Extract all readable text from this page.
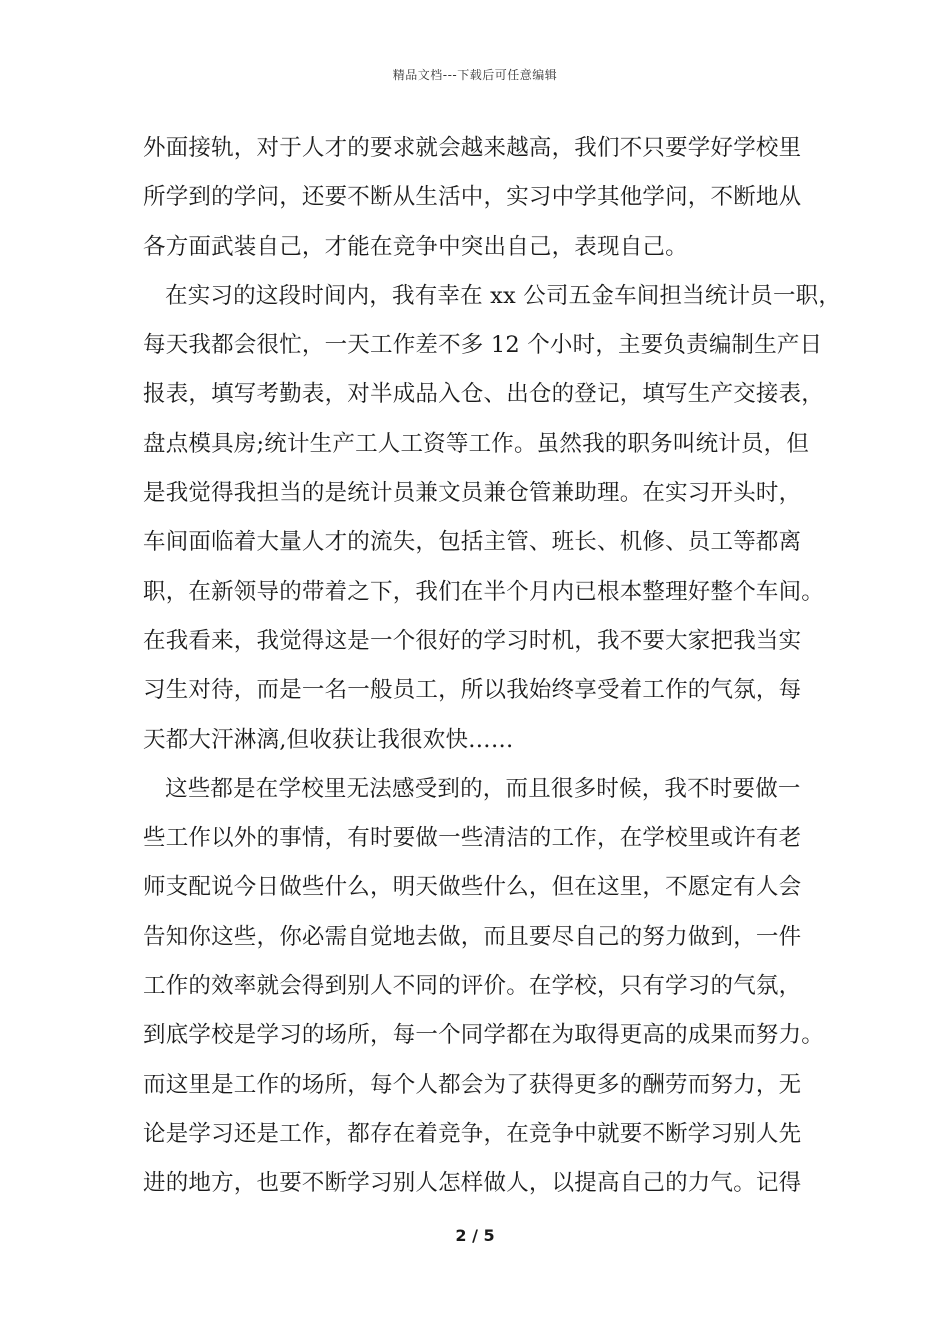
精品文档---下载后可任意编辑
外面接轨，对于人才的要求就会越来越高，我们不只要学好学校里
所学到的学问，还要不断从生活中，实习中学其他学问，不断地从
各方面武装自己，才能在竞争中突出自己，表现自己。
在实习的这段时间内，我有幸在 xx 公司五金车间担当统计员一职，
每天我都会很忙，一天工作差不多 12 个小时，主要负责编制生产日
报表，填写考勤表，对半成品入仓、出仓的登记，填写生产交接表，
盘点模具房;统计生产工人工资等工作。虽然我的职务叫统计员，但
是我觉得我担当的是统计员兼文员兼仓管兼助理。在实习开头时，
车间面临着大量人才的流失，包括主管、班长、机修、员工等都离
职，在新领导的带着之下，我们在半个月内已根本整理好整个车间。
在我看来，我觉得这是一个很好的学习时机，我不要大家把我当实
习生对待，而是一名一般员工，所以我始终享受着工作的气氛，每
天都大汗淋漓,但收获让我很欢快……
这些都是在学校里无法感受到的，而且很多时候，我不时要做一
些工作以外的事情，有时要做一些清洁的工作，在学校里或许有老
师支配说今日做些什么，明天做些什么，但在这里，不愿定有人会
告知你这些，你必需自觉地去做，而且要尽自己的努力做到，一件
工作的效率就会得到别人不同的评价。在学校，只有学习的气氛，
到底学校是学习的场所，每一个同学都在为取得更高的成果而努力。
而这里是工作的场所，每个人都会为了获得更多的酬劳而努力，无
论是学习还是工作，都存在着竞争，在竞争中就要不断学习别人先
进的地方，也要不断学习别人怎样做人，以提高自己的力气。记得
2 / 5
